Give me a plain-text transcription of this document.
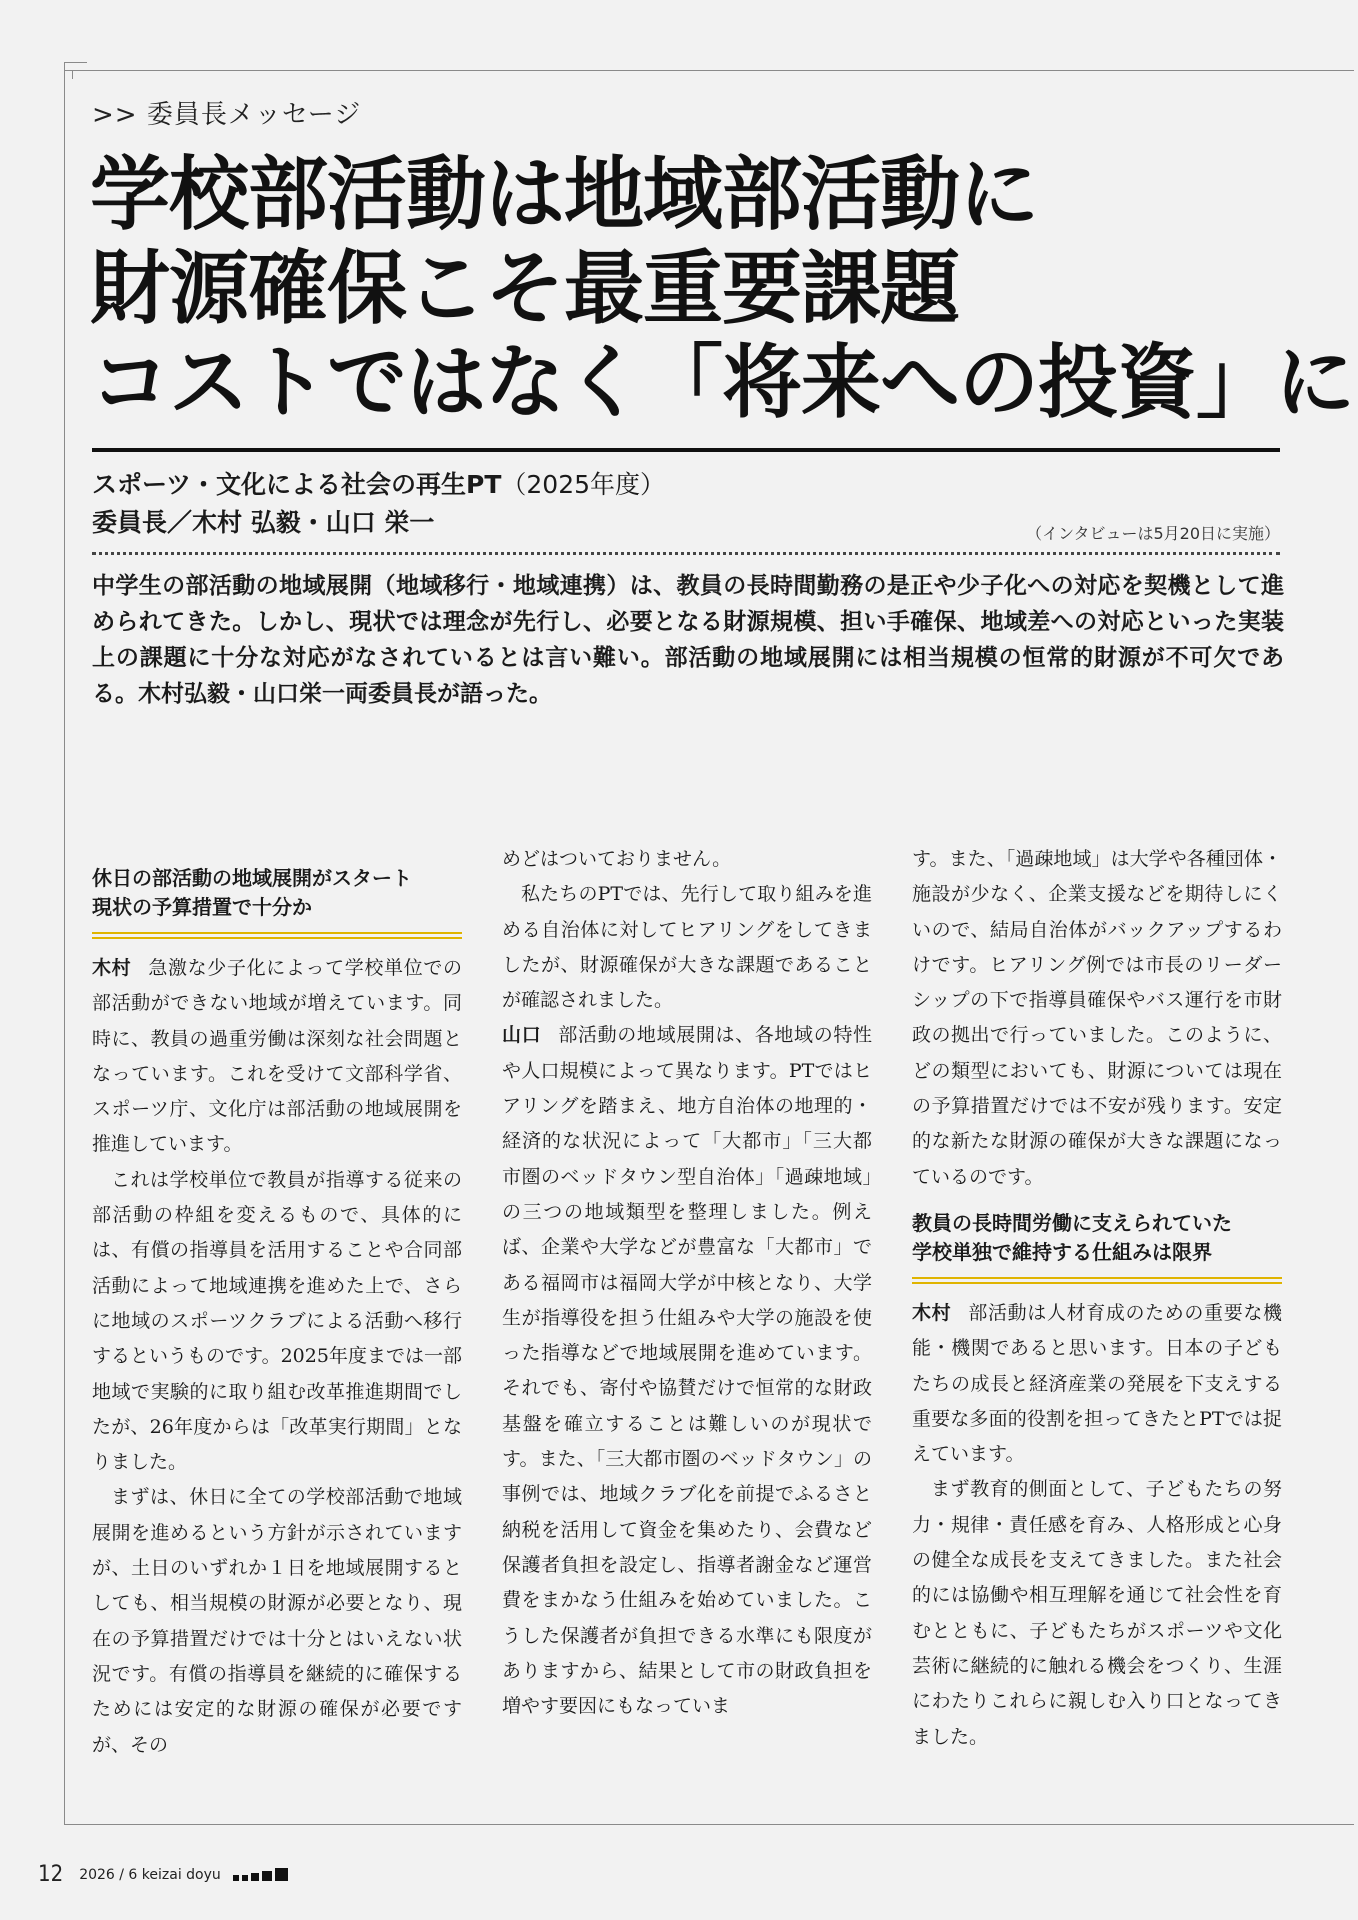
>> 委員長メッセージ
学校部活動は地域部活動に
財源確保こそ最重要課題
コストではなく「将来への投資」に
スポーツ・文化による社会の再生PT（2025年度）
委員長／木村 弘毅・山口 栄一	（インタビューは5月20日に実施）

中学生の部活動の地域展開（地域移行・地域連携）は、教員の長時間勤務の是正や少子化への対応を契機として進められてきた。しかし、現状では理念が先行し、必要となる財源規模、担い手確保、地域差への対応といった実装上の課題に十分な対応がなされているとは言い難い。部活動の地域展開には相当規模の恒常的財源が不可欠である。木村弘毅・山口栄一両委員長が語った。

休日の部活動の地域展開がスタート
現状の予算措置で十分か

木村 急激な少子化によって学校単位での部活動ができない地域が増えています。同時に、教員の過重労働は深刻な社会問題となっています。これを受けて文部科学省、スポーツ庁、文化庁は部活動の地域展開を推進しています。

これは学校単位で教員が指導する従来の部活動の枠組を変えるもので、具体的には、有償の指導員を活用することや合同部活動によって地域連携を進めた上で、さらに地域のスポーツクラブによる活動へ移行するというものです。2025年度までは一部地域で実験的に取り組む改革推進期間でしたが、26年度からは「改革実行期間」となりました。

まずは、休日に全ての学校部活動で地域展開を進めるという方針が示されていますが、土日のいずれか１日を地域展開するとしても、相当規模の財源が必要となり、現在の予算措置だけでは十分とはいえない状況です。有償の指導員を継続的に確保するためには安定的な財源の確保が必要ですが、その

めどはついておりません。

私たちのPTでは、先行して取り組みを進める自治体に対してヒアリングをしてきましたが、財源確保が大きな課題であることが確認されました。

山口 部活動の地域展開は、各地域の特性や人口規模によって異なります。PTではヒアリングを踏まえ、地方自治体の地理的・経済的な状況によって「大都市」「三大都市圏のベッドタウン型自治体」「過疎地域」の三つの地域類型を整理しました。例えば、企業や大学などが豊富な「大都市」である福岡市は福岡大学が中核となり、大学生が指導役を担う仕組みや大学の施設を使った指導などで地域展開を進めています。それでも、寄付や協賛だけで恒常的な財政基盤を確立することは難しいのが現状です。また、「三大都市圏のベッドタウン」の事例では、地域クラブ化を前提でふるさと納税を活用して資金を集めたり、会費など保護者負担を設定し、指導者謝金など運営費をまかなう仕組みを始めていました。こうした保護者が負担できる水準にも限度がありますから、結果として市の財政負担を増やす要因にもなっていま

す。また、「過疎地域」は大学や各種団体・施設が少なく、企業支援などを期待しにくいので、結局自治体がバックアップするわけです。ヒアリング例では市長のリーダーシップの下で指導員確保やバス運行を市財政の拠出で行っていました。このように、どの類型においても、財源については現在の予算措置だけでは不安が残ります。安定的な新たな財源の確保が大きな課題になっているのです。

教員の長時間労働に支えられていた
学校単独で維持する仕組みは限界

木村 部活動は人材育成のための重要な機能・機関であると思います。日本の子どもたちの成長と経済産業の発展を下支えする重要な多面的役割を担ってきたとPTでは捉えています。

まず教育的側面として、子どもたちの努力・規律・責任感を育み、人格形成と心身の健全な成長を支えてきました。また社会的には協働や相互理解を通じて社会性を育むとともに、子どもたちがスポーツや文化芸術に継続的に触れる機会をつくり、生涯にわたりこれらに親しむ入り口となってきました。

12 2026 / 6 keizai doyu
